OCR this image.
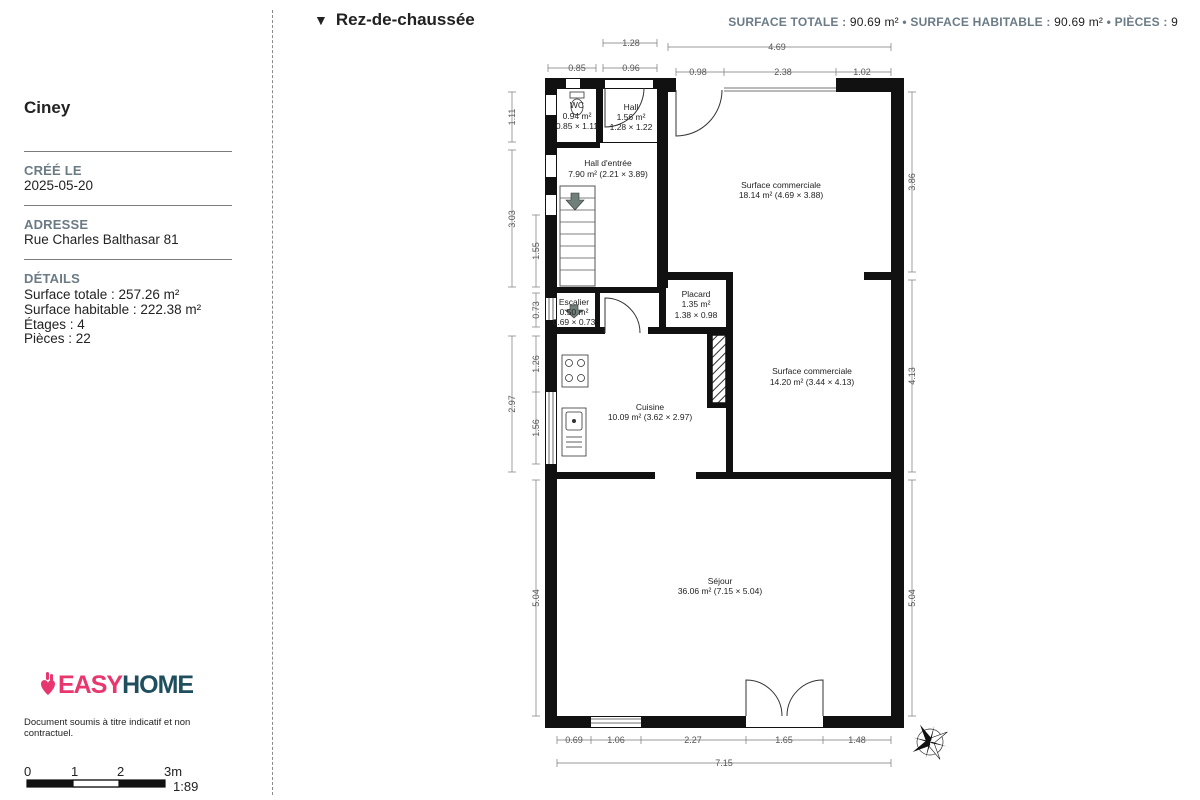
Ciney
CRÉÉ LE
2025-05-20
ADRESSE
Rue Charles Balthasar 81
DÉTAILS
Surface totale : 257.26 m²
Surface habitable : 222.38 m²
Étages : 4
Pièces : 22
EASYHOME
Document soumis à titre indicatif et non contractuel.
0	1	2	3m
1:89
▼ Rez-de-chaussée	SURFACE TOTALE : 90.69 m² • SURFACE HABITABLE : 90.69 m² • PIÈCES : 9
WC
0.94 m²
0.85 × 1.11
Hall
1.56 m²
1.28 × 1.22
Hall d'entrée
7.90 m² (2.21 × 3.89)
Escalier
0.50 m²
0.69 × 0.73
Placard
1.35 m²
1.38 × 0.98
Surface commerciale
18.14 m² (4.69 × 3.88)
Surface commerciale
14.20 m² (3.44 × 4.13)
Cuisine
10.09 m² (3.62 × 2.97)
Séjour
36.06 m² (7.15 × 5.04)
0.85
1.28
0.96
4.69
0.98	2.38	1.02
0.69	1.06	2.27	1.65	1.48
7.15
1.11
3.03
1.55
0.73
1.26
2.97
1.56
5.04
3.86
4.13
5.04
